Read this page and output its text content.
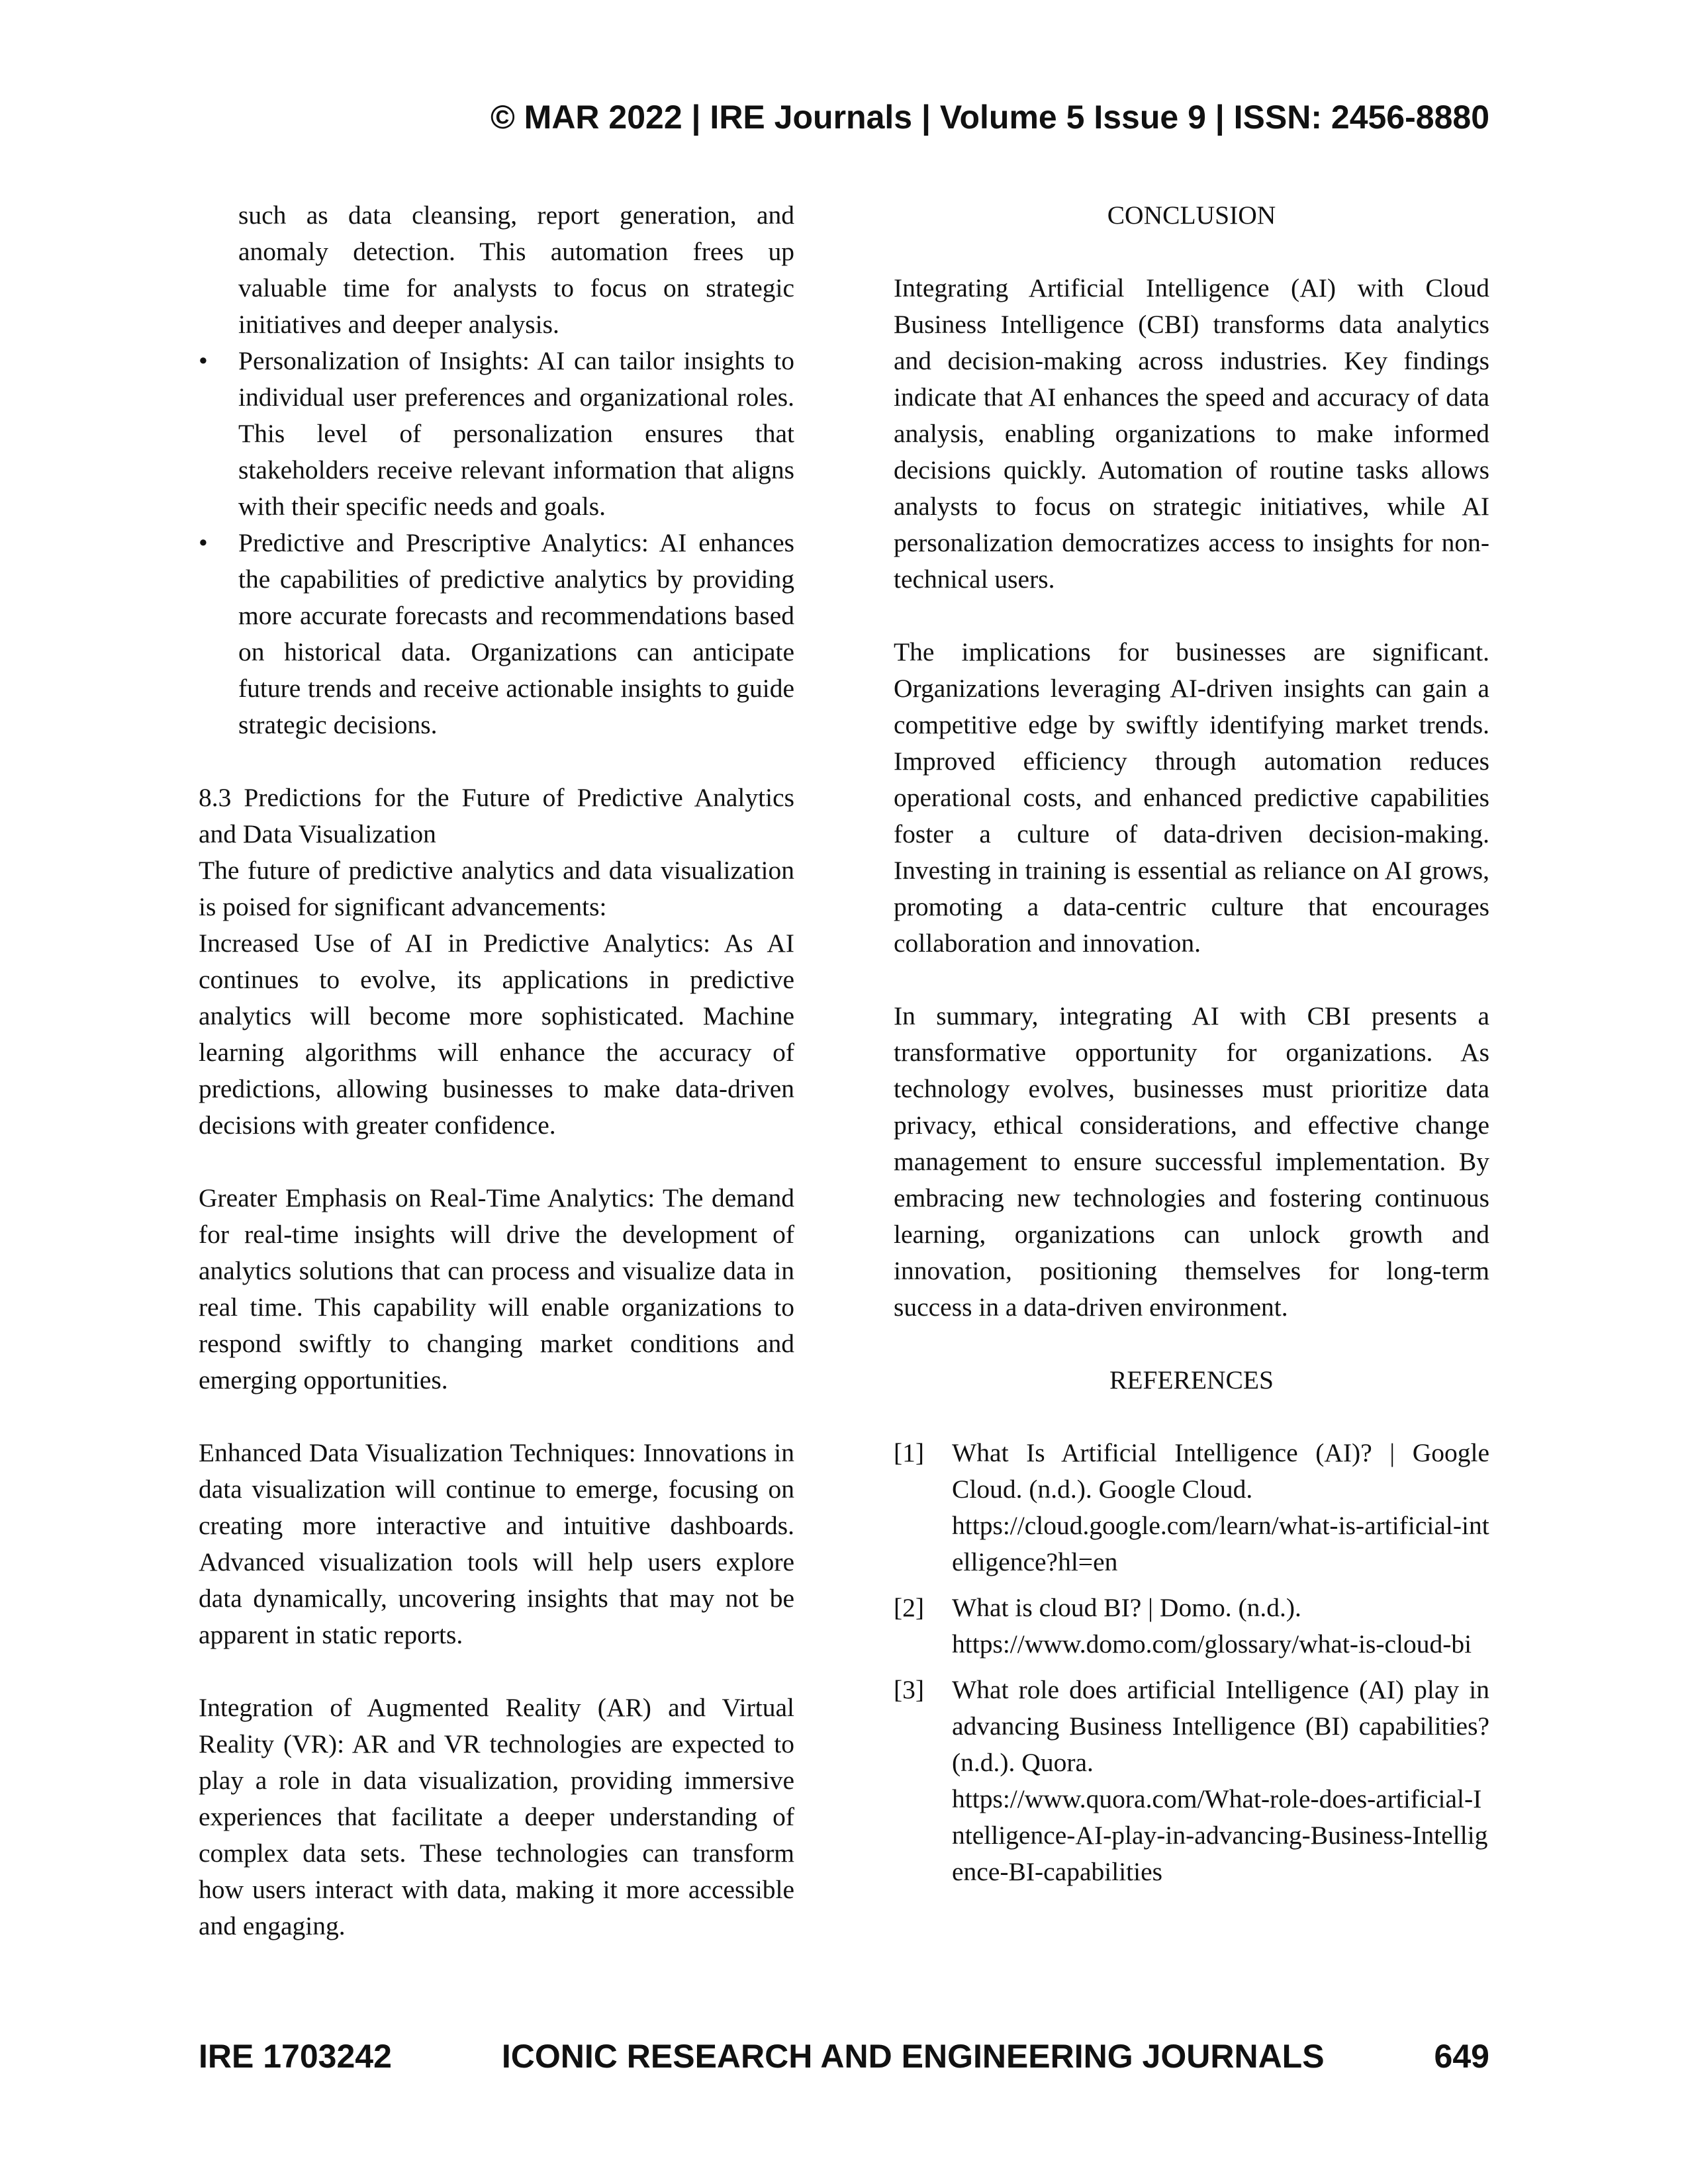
© MAR 2022 | IRE Journals | Volume 5 Issue 9 | ISSN: 2456-8880

such as data cleansing, report generation, and anomaly detection. This automation frees up valuable time for analysts to focus on strategic initiatives and deeper analysis.

• Personalization of Insights: AI can tailor insights to individual user preferences and organizational roles. This level of personalization ensures that stakeholders receive relevant information that aligns with their specific needs and goals.
• Predictive and Prescriptive Analytics: AI enhances the capabilities of predictive analytics by providing more accurate forecasts and recommendations based on historical data. Organizations can anticipate future trends and receive actionable insights to guide strategic decisions.

8.3 Predictions for the Future of Predictive Analytics and Data Visualization

The future of predictive analytics and data visualization is poised for significant advancements:

Increased Use of AI in Predictive Analytics: As AI continues to evolve, its applications in predictive analytics will become more sophisticated. Machine learning algorithms will enhance the accuracy of predictions, allowing businesses to make data-driven decisions with greater confidence.

Greater Emphasis on Real-Time Analytics: The demand for real-time insights will drive the development of analytics solutions that can process and visualize data in real time. This capability will enable organizations to respond swiftly to changing market conditions and emerging opportunities.

Enhanced Data Visualization Techniques: Innovations in data visualization will continue to emerge, focusing on creating more interactive and intuitive dashboards. Advanced visualization tools will help users explore data dynamically, uncovering insights that may not be apparent in static reports.

Integration of Augmented Reality (AR) and Virtual Reality (VR): AR and VR technologies are expected to play a role in data visualization, providing immersive experiences that facilitate a deeper understanding of complex data sets. These technologies can transform how users interact with data, making it more accessible and engaging.

CONCLUSION

Integrating Artificial Intelligence (AI) with Cloud Business Intelligence (CBI) transforms data analytics and decision-making across industries. Key findings indicate that AI enhances the speed and accuracy of data analysis, enabling organizations to make informed decisions quickly. Automation of routine tasks allows analysts to focus on strategic initiatives, while AI personalization democratizes access to insights for non-technical users.

The implications for businesses are significant. Organizations leveraging AI-driven insights can gain a competitive edge by swiftly identifying market trends. Improved efficiency through automation reduces operational costs, and enhanced predictive capabilities foster a culture of data-driven decision-making. Investing in training is essential as reliance on AI grows, promoting a data-centric culture that encourages collaboration and innovation.

In summary, integrating AI with CBI presents a transformative opportunity for organizations. As technology evolves, businesses must prioritize data privacy, ethical considerations, and effective change management to ensure successful implementation. By embracing new technologies and fostering continuous learning, organizations can unlock growth and innovation, positioning themselves for long-term success in a data-driven environment.

REFERENCES

[1] What Is Artificial Intelligence (AI)? | Google Cloud. (n.d.). Google Cloud.
https://cloud.google.com/learn/what-is-artificial-intelligence?hl=en
[2] What is cloud BI? | Domo. (n.d.).
https://www.domo.com/glossary/what-is-cloud-bi
[3] What role does artificial Intelligence (AI) play in advancing Business Intelligence (BI) capabilities? (n.d.). Quora.
https://www.quora.com/What-role-does-artificial-Intelligence-AI-play-in-advancing-Business-Intelligence-BI-capabilities
IRE 1703242	ICONIC RESEARCH AND ENGINEERING JOURNALS	649
